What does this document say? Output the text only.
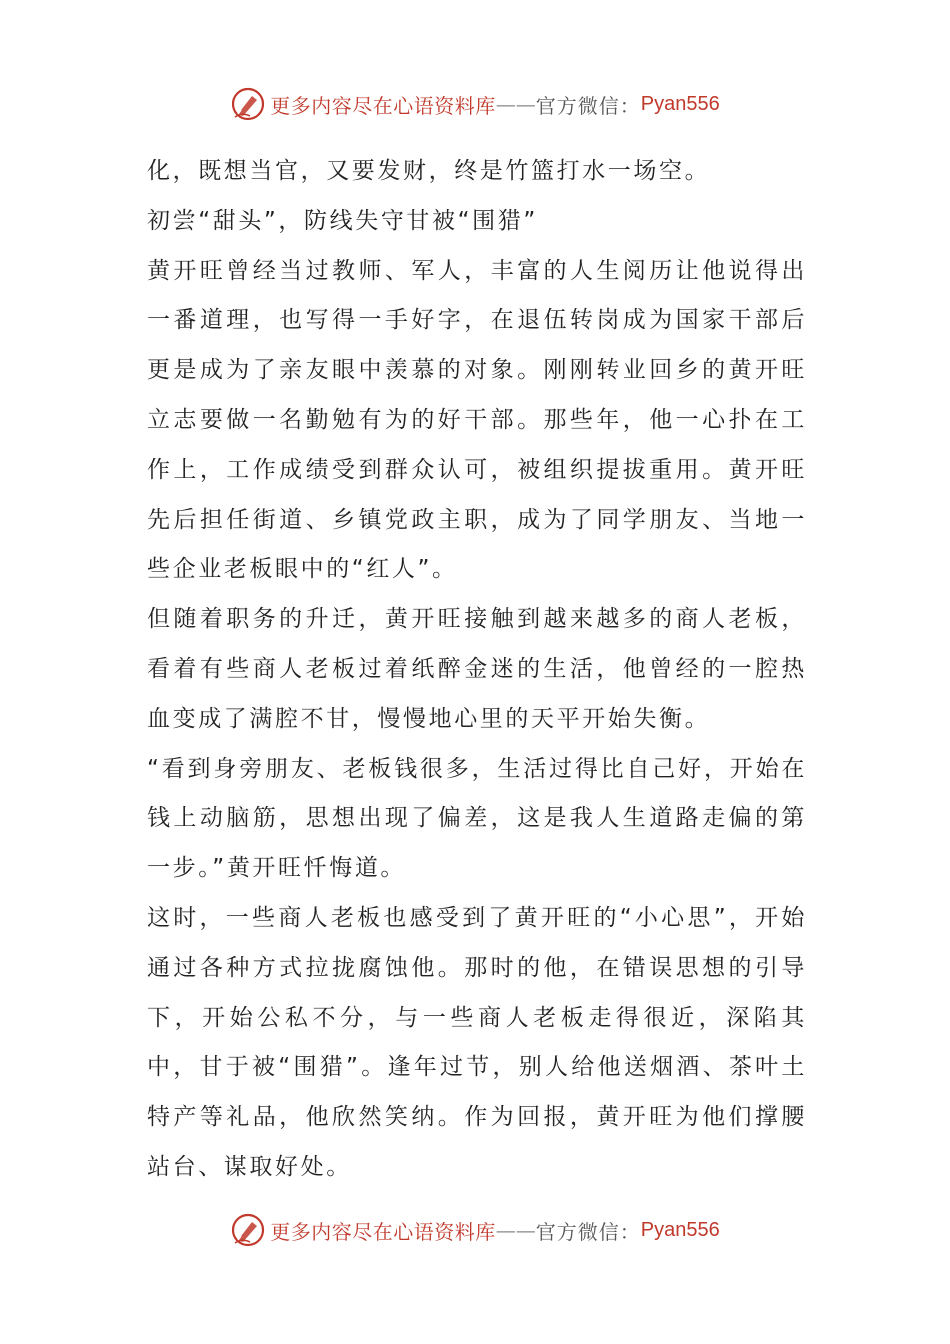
更多内容尽在心语资料库 —— 官方微信： Pyan556

化，既想当官，又要发财，终是竹篮打水一场空。

初尝“甜头”，防线失守甘被“围猎”

黄开旺曾经当过教师、军人，丰富的人生阅历让他说得出一番道理，也写得一手好字，在退伍转岗成为国家干部后更是成为了亲友眼中羡慕的对象。刚刚转业回乡的黄开旺立志要做一名勤勉有为的好干部。那些年，他一心扑在工作上，工作成绩受到群众认可，被组织提拔重用。黄开旺先后担任街道、乡镇党政主职，成为了同学朋友、当地一些企业老板眼中的“红人”。

但随着职务的升迁，黄开旺接触到越来越多的商人老板，看着有些商人老板过着纸醉金迷的生活，他曾经的一腔热血变成了满腔不甘，慢慢地心里的天平开始失衡。

“看到身旁朋友、老板钱很多，生活过得比自己好，开始在钱上动脑筋，思想出现了偏差，这是我人生道路走偏的第一步。”黄开旺忏悔道。

这时，一些商人老板也感受到了黄开旺的“小心思”，开始通过各种方式拉拢腐蚀他。那时的他，在错误思想的引导下，开始公私不分，与一些商人老板走得很近，深陷其中，甘于被“围猎”。逢年过节，别人给他送烟酒、茶叶土特产等礼品，他欣然笑纳。作为回报，黄开旺为他们撑腰站台、谋取好处。

更多内容尽在心语资料库 —— 官方微信： Pyan556
